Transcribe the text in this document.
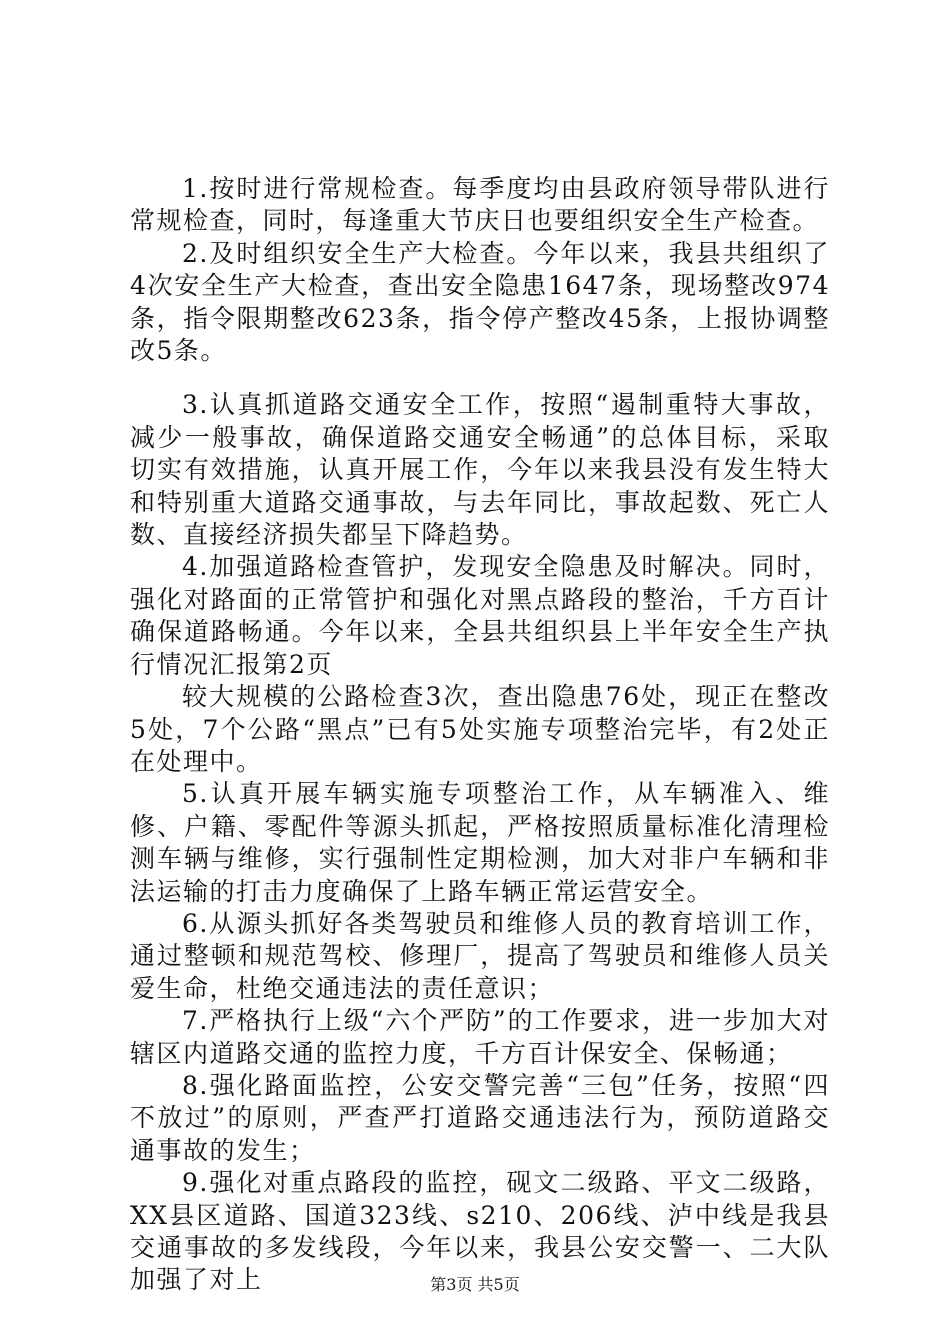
1.按时进行常规检查。每季度均由县政府领导带队进行常规检查，同时，每逢重大节庆日也要组织安全生产检查。

2.及时组织安全生产大检查。今年以来，我县共组织了4次安全生产大检查，查出安全隐患1647条，现场整改974条，指令限期整改623条，指令停产整改45条，上报协调整改5条。

3.认真抓道路交通安全工作，按照“遏制重特大事故，减少一般事故，确保道路交通安全畅通”的总体目标，采取切实有效措施，认真开展工作，今年以来我县没有发生特大和特别重大道路交通事故，与去年同比，事故起数、死亡人数、直接经济损失都呈下降趋势。

4.加强道路检查管护，发现安全隐患及时解决。同时，强化对路面的正常管护和强化对黑点路段的整治，千方百计确保道路畅通。今年以来，全县共组织县上半年安全生产执行情况汇报第2页

较大规模的公路检查3次，查出隐患76处，现正在整改5处，7个公路“黑点”已有5处实施专项整治完毕，有2处正在处理中。

5.认真开展车辆实施专项整治工作，从车辆准入、维修、户籍、零配件等源头抓起，严格按照质量标准化清理检测车辆与维修，实行强制性定期检测，加大对非户车辆和非法运输的打击力度确保了上路车辆正常运营安全。

6.从源头抓好各类驾驶员和维修人员的教育培训工作，通过整顿和规范驾校、修理厂，提高了驾驶员和维修人员关爱生命，杜绝交通违法的责任意识；

7.严格执行上级“六个严防”的工作要求，进一步加大对辖区内道路交通的监控力度，千方百计保安全、保畅通；

8.强化路面监控，公安交警完善“三包”任务，按照“四不放过”的原则，严查严打道路交通违法行为，预防道路交通事故的发生；

9.强化对重点路段的监控，砚文二级路、平文二级路，XX县区道路、国道323线、s210、206线、泸中线是我县交通事故的多发线段，今年以来，我县公安交警一、二大队加强了对上	第3页 共5页
